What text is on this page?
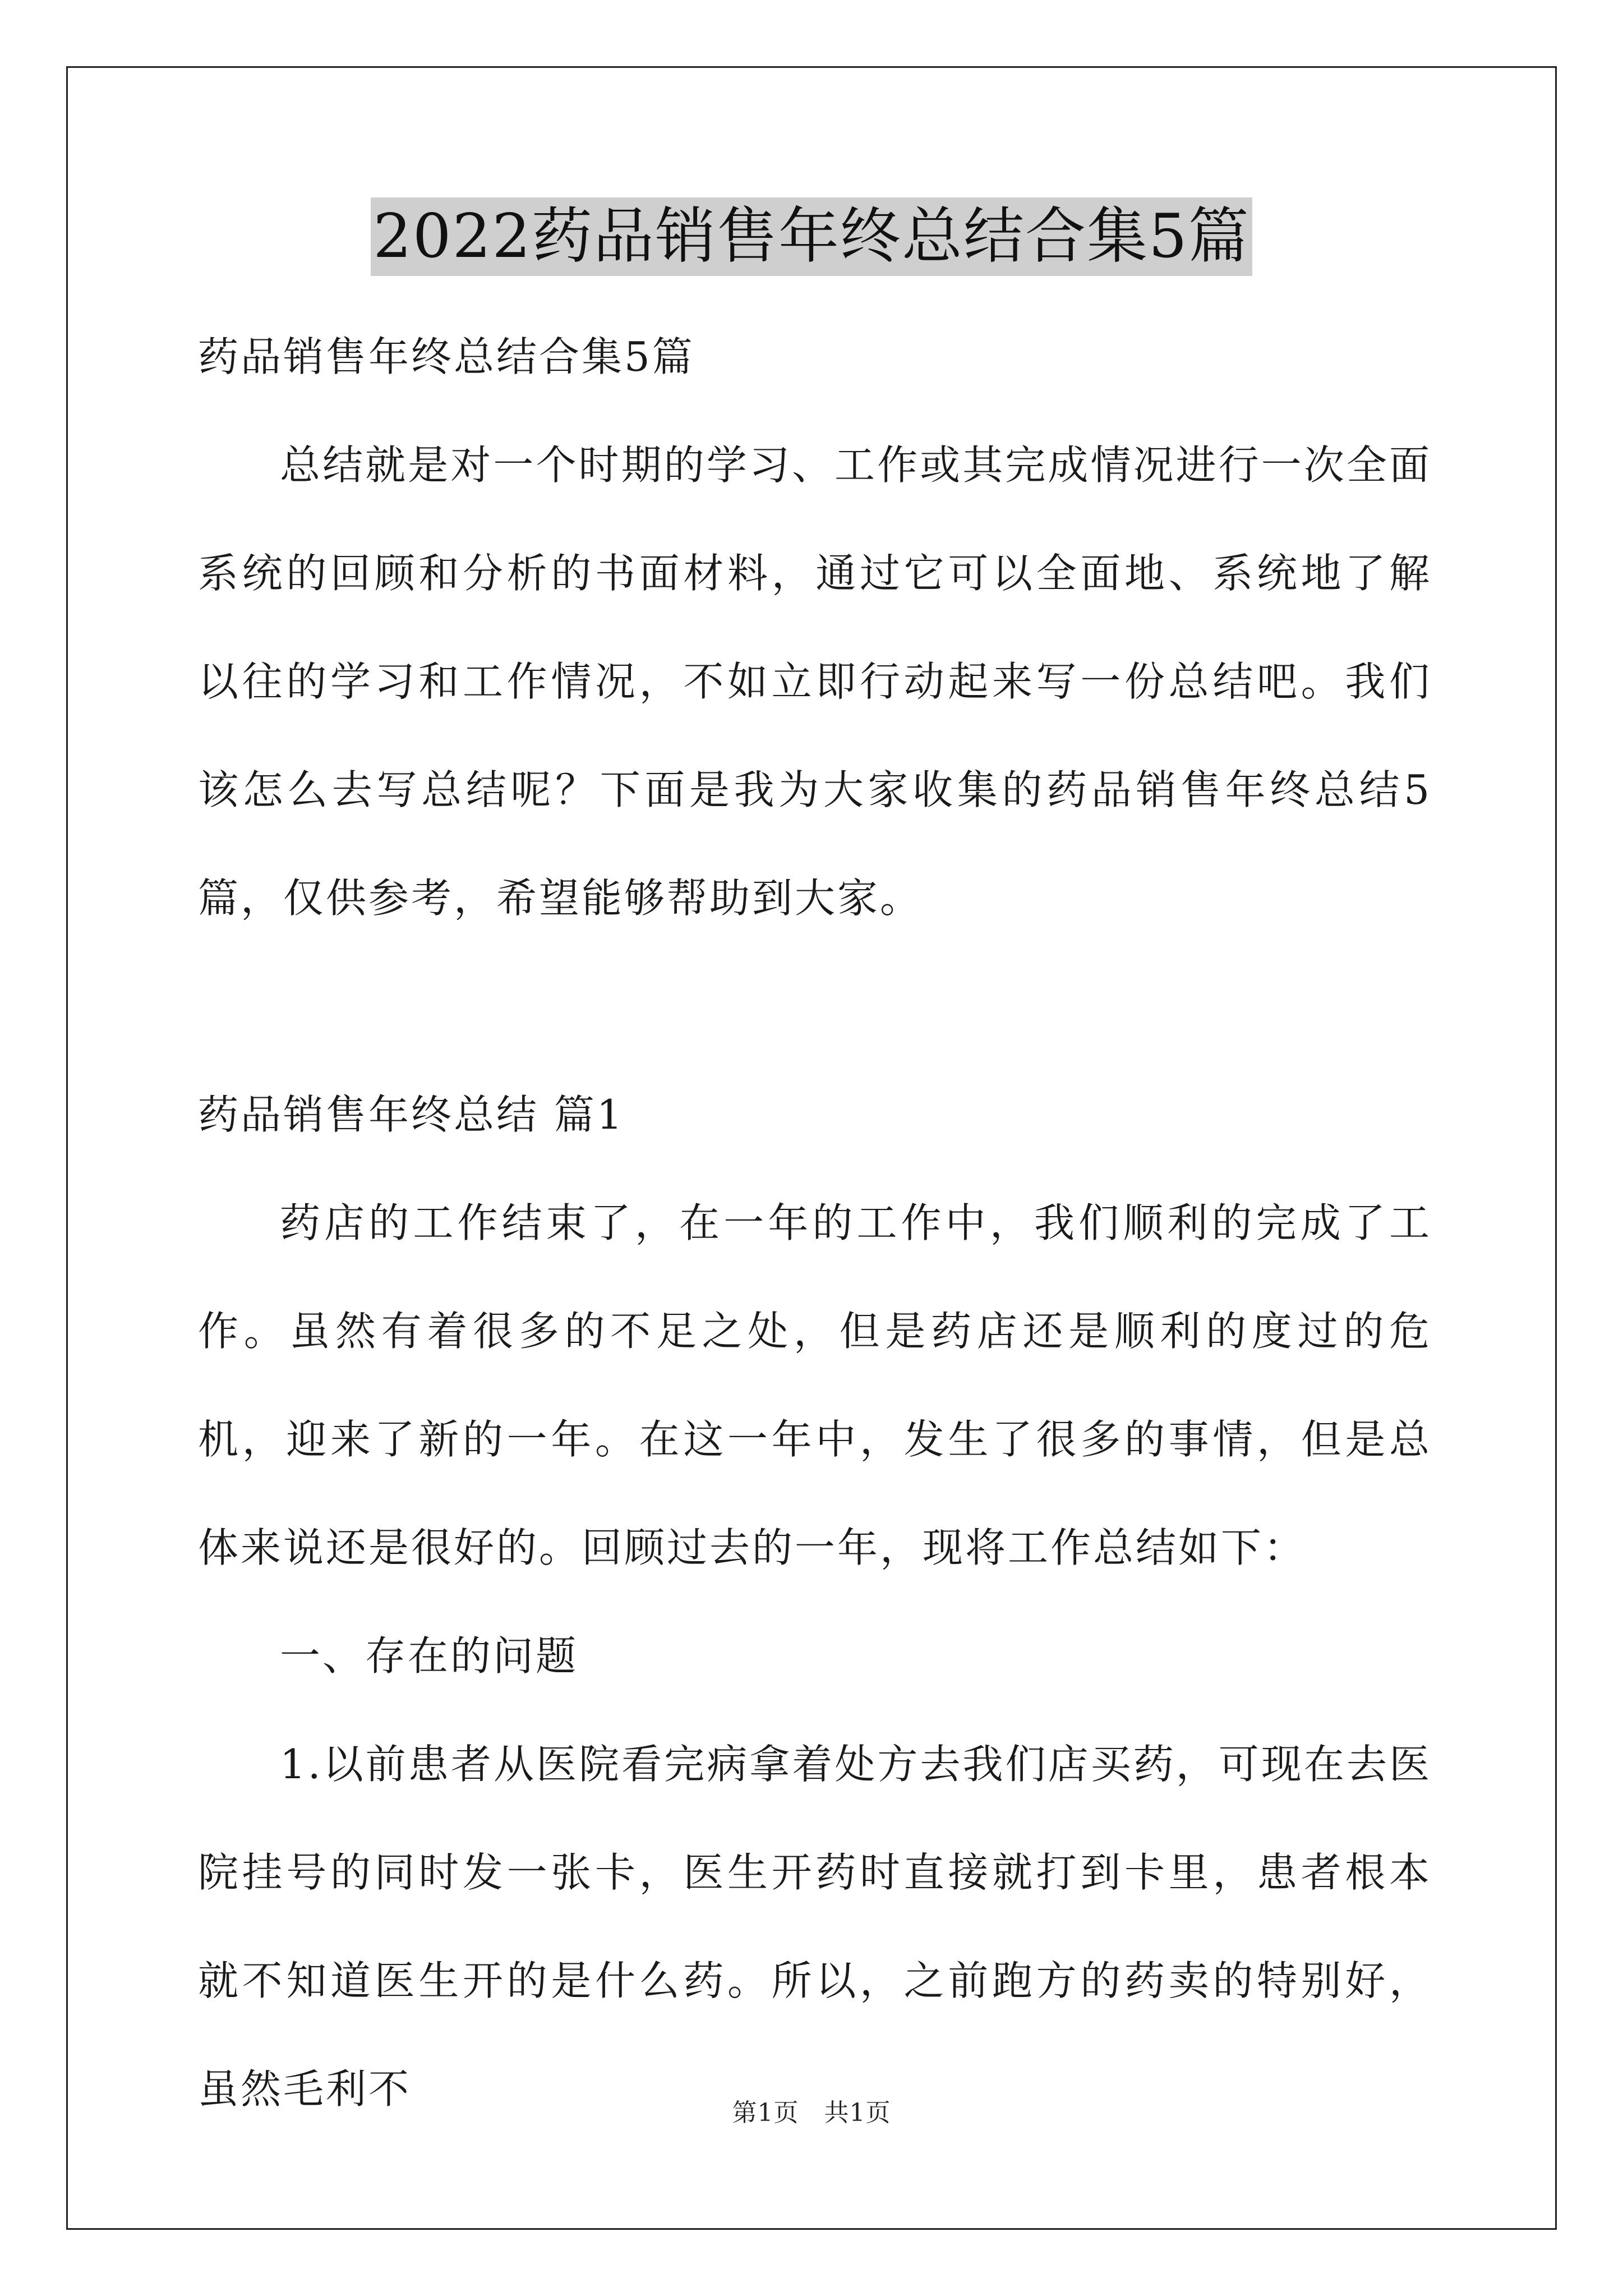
2022药品销售年终总结合集5篇

药品销售年终总结合集5篇

总结就是对一个时期的学习、工作或其完成情况进行一次全面系统的回顾和分析的书面材料，通过它可以全面地、系统地了解以往的学习和工作情况，不如立即行动起来写一份总结吧。我们该怎么去写总结呢？下面是我为大家收集的药品销售年终总结5篇，仅供参考，希望能够帮助到大家。

药品销售年终总结 篇1

药店的工作结束了，在一年的工作中，我们顺利的完成了工作。虽然有着很多的不足之处，但是药店还是顺利的度过的危机，迎来了新的一年。在这一年中，发生了很多的事情，但是总体来说还是很好的。回顾过去的一年，现将工作总结如下：

一、存在的问题

1.以前患者从医院看完病拿着处方去我们店买药，可现在去医院挂号的同时发一张卡，医生开药时直接就打到卡里，患者根本就不知道医生开的是什么药。所以，之前跑方的药卖的特别好，虽然毛利不

第1页　共1页
